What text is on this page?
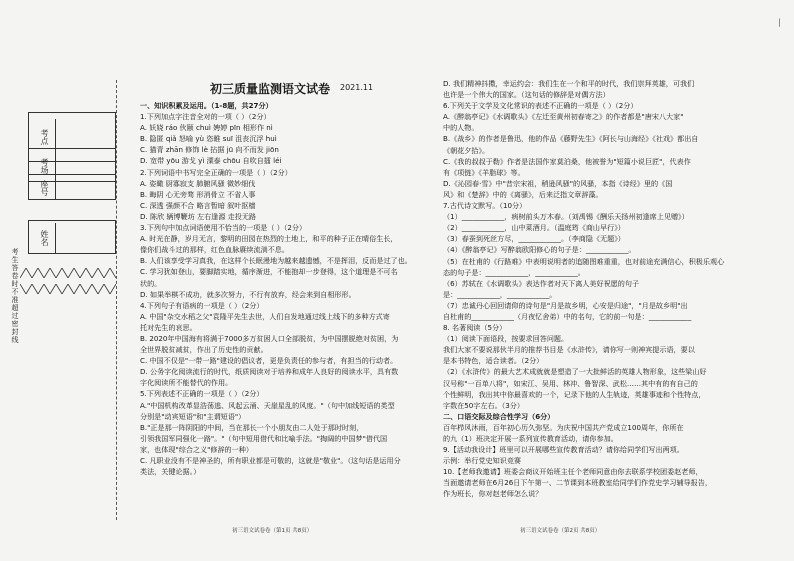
丨
考点
考场
座号
姓名
考生答卷时不准超过密封线
初三质量监测语文试卷 2021.11
一、知识积累及运用。（1-8题，共27分）
1.下列加点字注音全对的一项（ ）（2分）
A. 妖娆 ráo 伙颐 chuì 娉婷 pīn 相形作 nì
B. 隐匿 qiǎ 怒喻 yù 恣睢 suī 沮丧沉浮 huì
C. 猫青 zhān 修饰 lè 拈据 jū 向不而发 jiōn
D. 宽带 yōu 游戈 yì 溧泰 chōu 自吹自擂 léi
2.下列词语中书写完全正确的一项是（ ）（2分）
A. 姿瞰 厨寡寂支 肺腑风骚 微妙细伐
B. 晦阴 心无旁骛 形消骨立 不省人事
C. 深透 强颜不合 略言暂暗 叙叶抠樯
D. 陈欣 辆博鞭坊 左右逢源 走投无路
3.下列句中加点词语使用不恰当的一项是（ ）（2分）
A. 时光在静，岁月无言，黎明的田园在热烈的土地上，和平的种子正在晴俗生长，
像你们战斗过的那样，红色血脉赓续流淌不息。
B. 人们该享受学习真我，在这样个长眠漫地为越来越遗憾，不是挥泪，反而是过了也。
C. 学习犹如登山，要脚踏实地，循序渐进，不能抱却一步登得，这个道理是不可名
状的。
D. 如果举棋不成功，就多次努力，不行有放弃，经会来到自相形形。
4.下列句子有语病的一项是（ ）（2分）
A. 中国"杂交水稻之父"袁隆平先生去世，人们自发地通过线上线下的多种方式寄
托对先生的哀思。
B. 2020年中国海有将满于7000多万贫困人口全部脱贫，为中国摆脱绝对贫困，为
全世界脱贫减贫，作出了历史性的贡献。
C. 中国不仅是"一带一路"建设的倡议者，更是负责任的参与者，有担当的行动者。
D. 公务字化阅读流行的时代，纸质阅读对于培养和成年人良好的阅读水平，具有数
字化阅读所不能替代的作用。
5.下列表述不正确的一项是（ ）（2分）
A."中国机构改革显浩荡逃、风起云涌、天崖星乱的风度。"（句中加线短语的类型
分别是"动宾短语"和"主谓短语"）
B."正是那一阵阴阳的中间，当在那长一个小朋友由二人处于那时时刻，
引领我国军同强化一路"。"（句中短用借代和比喻手法。"掏阔的中国梦"借代国
家，也体现"综合之义"修辞的一种）
C. 凡职业没有不是神圣的，所有职业都是可敬的，这就是"敬业"。（这句话是运用分
类法，关键论据。）
D. 我们精神抖擞，幸运约会：我们生在一个和平的时代，我们崇拜英雄，可我们
也许是一个伟大的国家。（这句话的修辞是对偶方法）
6.下列关于文学及文化常识的表述不正确的一项是（ ）（2分）
A.《醉翁亭记》《水调歌头》《左迁至黄州初春寄之》的作者都是"唐宋八大家"
中的人物。
B.《战乡》的作者是鲁迅，他的作品《藤野先生》《阿长与山海经》《社戏》都出自
《朝花夕拾》。
C.《我的叔叔于勒》作者是法国作家莫泊桑，他被誉为"短篇小说巨匠"，代表作
有《项链》《羊脂球》等。
D.《沁园春·雪》中"昔宗宋祖，稍逊风骚"的风骚，本指《诗经》里的《国
风》和《楚辞》中的《离骚》，后来泛指文章辞藻。
7.古代诗文默写。（10分）
（1）____________，病树前头万木春。（刘禹锡《酬乐天扬州初逢席上见赠》）
（2）____________，山中菜酒月。（温庭筠《商山早行》）
（3）春蚕到死丝方尽，____________。（李商隐《无题》）
（4）《醉翁亭记》写醉翁欧阳修心的句子是：____________。
（5）在杜甫的《行路难》中表明说明者的追随图难重重，也对前途充满信心，积极乐观心
态的句子是：____________，____________。
（6）苏轼在《水调歌头》表达作者对天下离人美好祝愿的句子
是：____________，____________。
（7）忠诚丹心回回请仰的诗句是"月是故乡明，心安是归途"，"月是故乡明"出
自杜甫的____________（月夜忆舍弟）中的名句，它的前一句是：____________
8. 名著阅读（5分）
（1）阅读下面语段，按要求回答问题。
我们大家不要说那伙半月的推荐书目是《水浒传》，请你写一则神宾提示语，要以
是本书特色，适合读者。（2分）
（2）《水浒传》的最大艺术成就就是塑造了一大批鲜活的英雄人物形象，这些梁山好
汉号称"一百单八将"，如宋江、吴用、林冲、鲁智深、武松……其中有的有自己的
个性鲜明，我出其中你最喜欢的一个，记录下他的人生轨迹，英雄事迹和个性特点，
字数在50字左右。（3分）
二、口语交际及综合性学习（6分）
百年栉风沐雨，百年初心历久弥坚。为庆祝中国共产党成立100周年，你所在
的九（1）班决定开展一系列宣传教育活动，请你参加。
9.【活动我设计】班里可以开展哪些宣传教育活动？请你给同学们写出两项。
示例：举行党史知识竞赛
10.【老师我邀请】班委会商议开始班主任个老师同意由你去联系学校团委赵老师，
当面邀请老师在6月26日下午第一、二节课到本班教室给同学们作党史学习辅导报告，
作为班长，你对赵老师怎么说？
初三语文试卷卷（第1页 共8页）	初三语文试卷卷（第2页 共8页）
